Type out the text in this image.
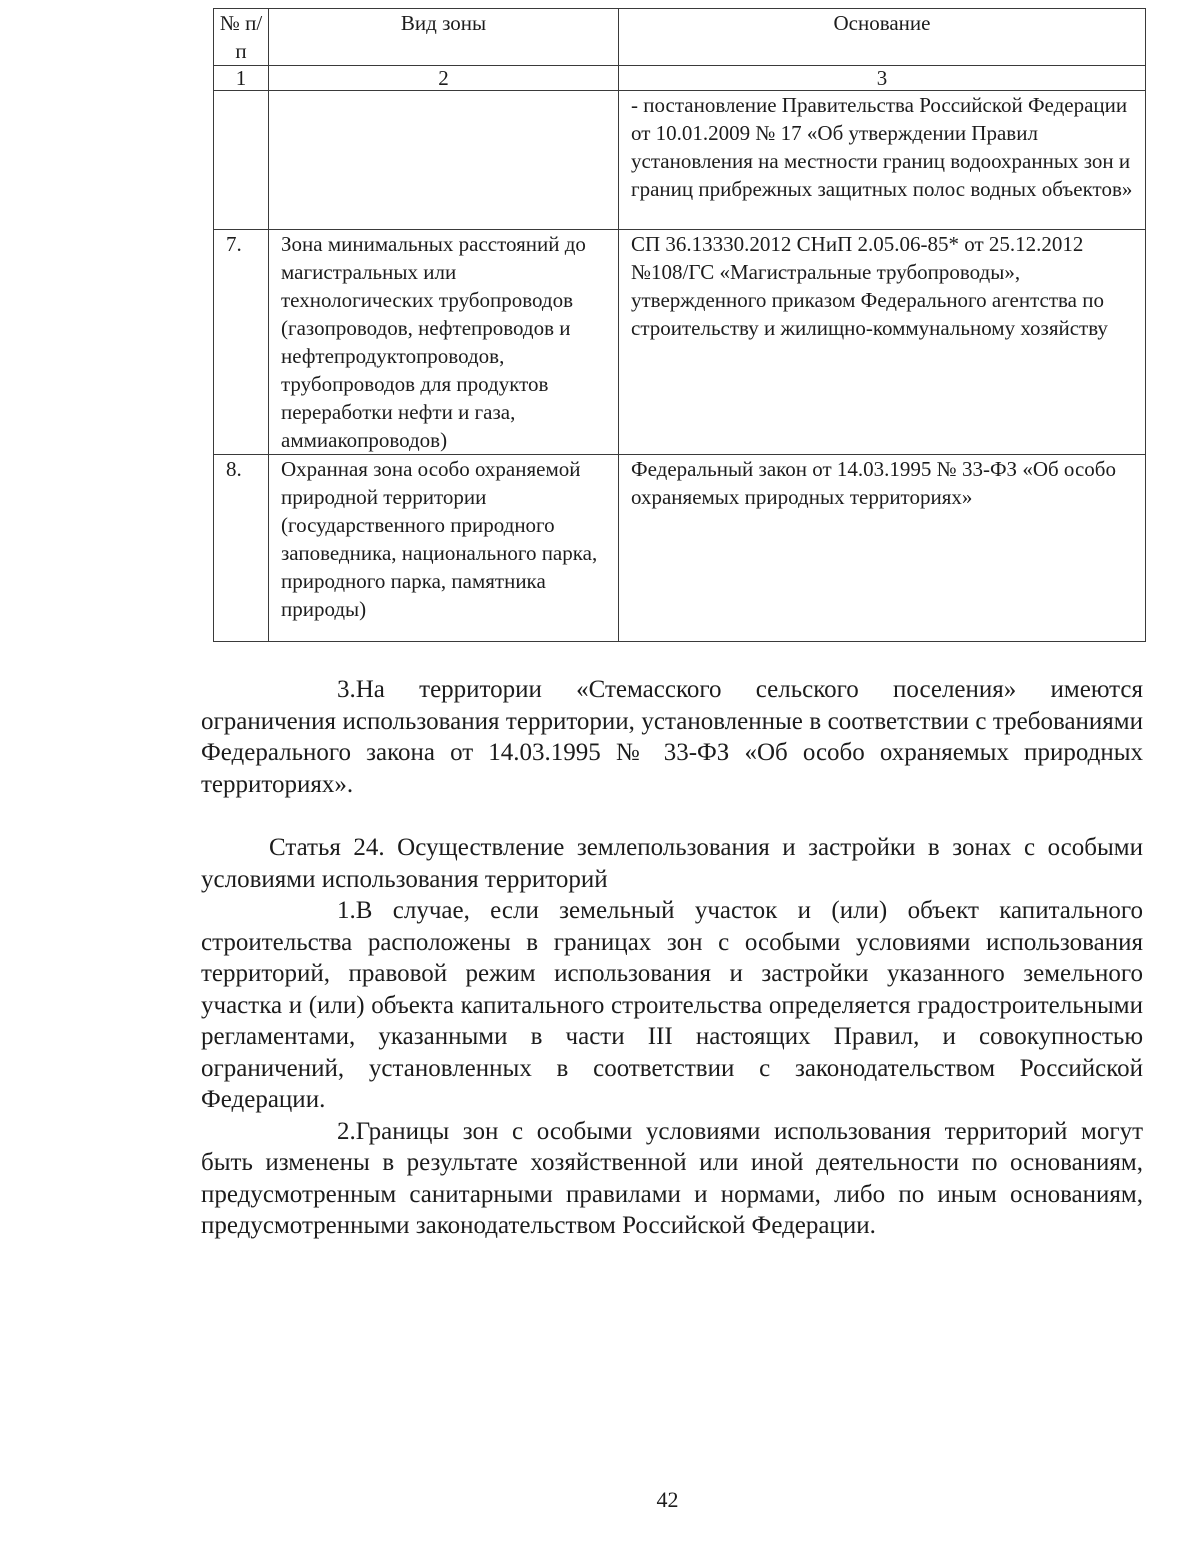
№ п/п	Вид зоны	Основание
1	2	3
		- постановление Правительства Российской Федерации от 10.01.2009 № 17 «Об утверждении Правил установления на местности границ водоохранных зон и границ прибрежных защитных полос водных объектов»
7.	Зона минимальных расстояний до магистральных или технологических трубопроводов (газопроводов, нефтепроводов и нефтепродуктопроводов, трубопроводов для продуктов переработки нефти и газа, аммиакопроводов)	СП 36.13330.2012 СНиП 2.05.06-85* от 25.12.2012 №108/ГС «Магистральные трубопроводы», утвержденного приказом Федерального агентства по строительству и жилищно-коммунальному хозяйству
8.	Охранная зона особо охраняемой природной территории (государственного природного заповедника, национального парка, природного парка, памятника природы)	Федеральный закон от 14.03.1995 № 33-ФЗ «Об особо охраняемых природных территориях»

3.На территории «Стемасского сельского поселения» имеются ограничения использования территории, установленные в соответствии с требованиями Федерального закона от 14.03.1995 № 33-ФЗ «Об особо охраняемых природных территориях».

Статья 24. Осуществление землепользования и застройки в зонах с особыми условиями использования территорий

1.В случае, если земельный участок и (или) объект капитального строительства расположены в границах зон с особыми условиями использования территорий, правовой режим использования и застройки указанного земельного участка и (или) объекта капитального строительства определяется градостроительными регламентами, указанными в части III настоящих Правил, и совокупностью ограничений, установленных в соответствии с законодательством Российской Федерации.

2.Границы зон с особыми условиями использования территорий могут быть изменены в результате хозяйственной или иной деятельности по основаниям, предусмотренным санитарными правилами и нормами, либо по иным основаниям, предусмотренными законодательством Российской Федерации.

42
